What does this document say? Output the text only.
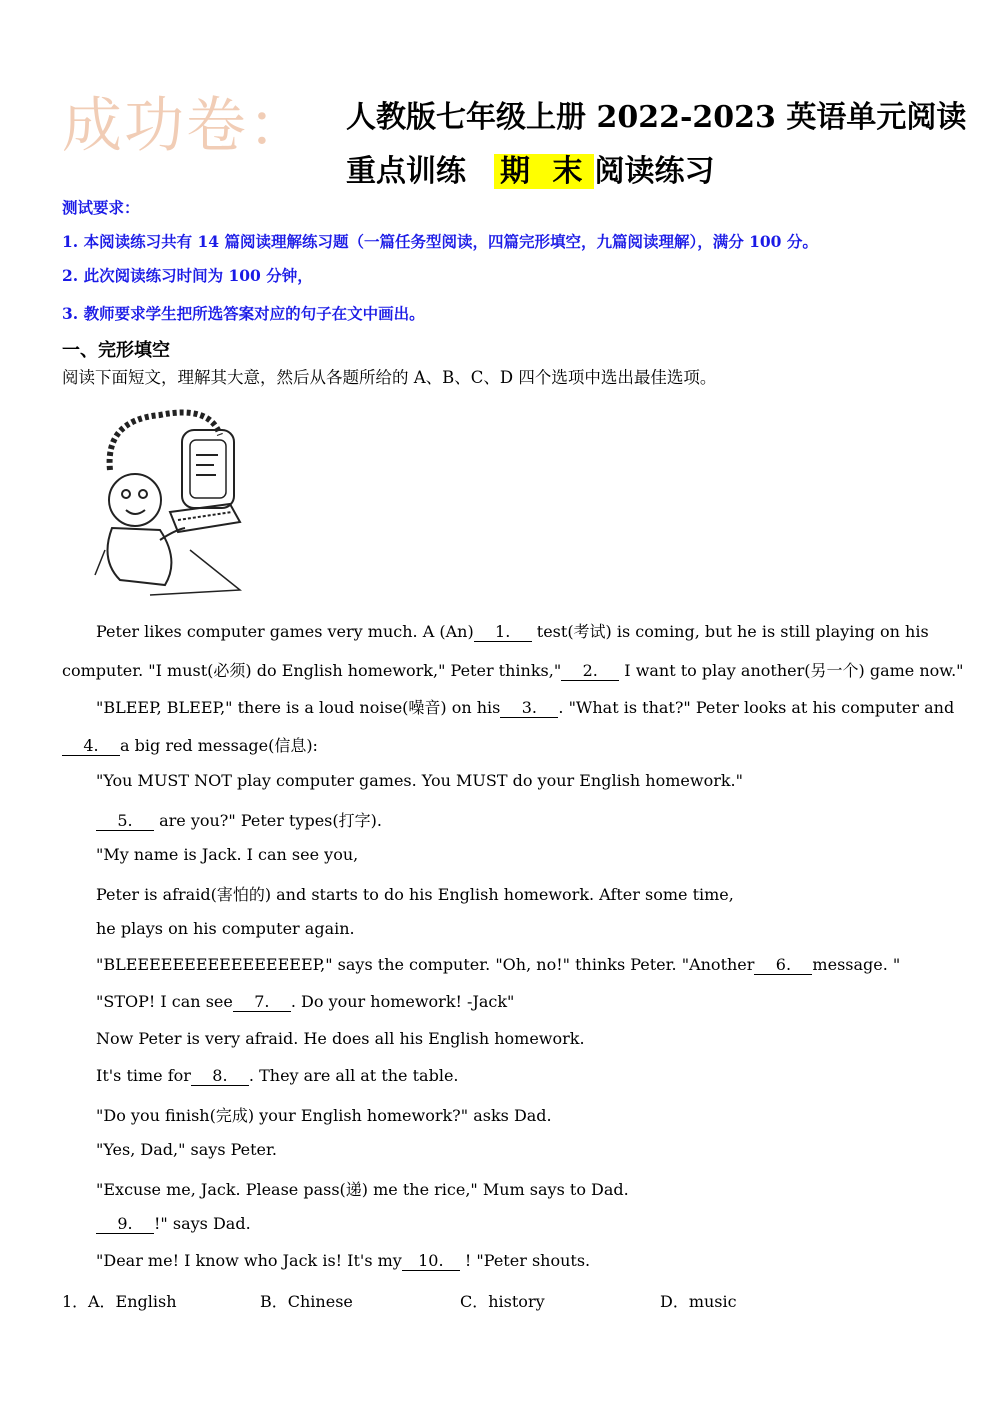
成功卷： 人教版七年级上册 2022-2023 英语单元阅读
重点训练 期 末 阅读练习
测试要求：
1. 本阅读练习共有 14 篇阅读理解练习题（一篇任务型阅读，四篇完形填空，九篇阅读理解），满分 100 分。
2. 此次阅读练习时间为 100 分钟，
3. 教师要求学生把所选答案对应的句子在文中画出。
一、完形填空
阅读下面短文，理解其大意，然后从各题所给的 A、B、C、D 四个选项中选出最佳选项。
Peter likes computer games very much. A (An) 1. test(考试) is coming, but he is still playing on his
computer. "I must(必须) do English homework," Peter thinks," 2. I want to play another(另一个) game now."
"BLEEP, BLEEP," there is a loud noise(噪音) on his 3. . "What is that?" Peter looks at his computer and
4. a big red message(信息):
"You MUST NOT play computer games. You MUST do your English homework."
5. are you?" Peter types(打字).
"My name is Jack. I can see you,
Peter is afraid(害怕的) and starts to do his English homework. After some time,
he plays on his computer again.
"BLEEEEEEEEEEEEEEEEP," says the computer. "Oh, no!" thinks Peter. "Another 6. message. "
"STOP! I can see 7. . Do your homework! -Jack"
Now Peter is very afraid. He does all his English homework.
It's time for 8. . They are all at the table.
"Do you finish(完成) your English homework?" asks Dad.
"Yes, Dad," says Peter.
"Excuse me, Jack. Please pass(递) me the rice," Mum says to Dad.
9. !" says Dad.
"Dear me! I know who Jack is! It's my 10. ! "Peter shouts.
1． A．English	B．Chinese	C．history	D．music
